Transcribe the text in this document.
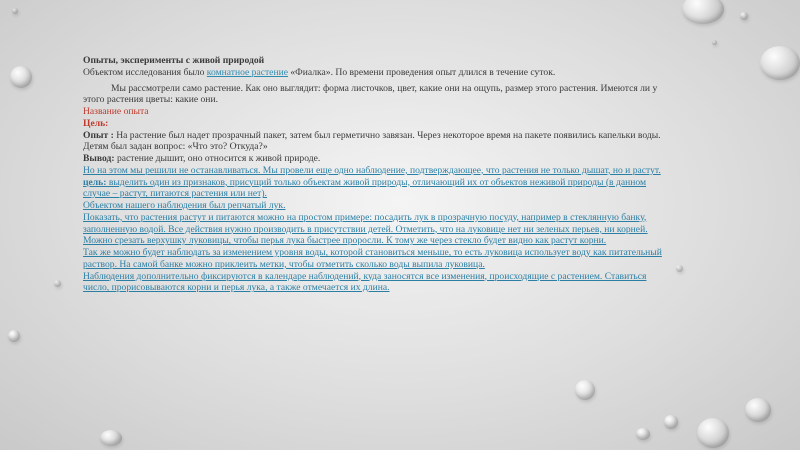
Опыты, эксперименты с живой природой

Объектом исследования было комнатное растение «Фиалка». По времени проведения опыт длился в течение суток.

Мы рассмотрели само растение. Как оно выглядит: форма листочков, цвет, какие они на ощупь, размер этого растения. Имеются ли у этого растения цветы: какие они.

Название опыта

Цель:

Опыт : На растение был надет прозрачный пакет, затем был герметично завязан. Через некоторое время на пакете появились капельки воды. Детям был задан вопрос: «Что это? Откуда?»

Вывод: растение дышит, оно относится к живой природе.

Но на этом мы решили не останавливаться. Мы провели еще одно наблюдение, подтверждающее, что растения не только дышат, но и растут.

цель: выделить один из признаков, присущий только объектам живой природы, отличающий их от объектов неживой природы (в данном случае – растут, питаются растения или нет).

Объектом нашего наблюдения был репчатый лук.

Показать, что растения растут и питаются можно на простом примере: посадить лук в прозрачную посуду, например в стеклянную банку, заполненную водой. Все действия нужно производить в присутствии детей. Отметить, что на луковице нет ни зеленых перьев, ни корней. Можно срезать верхушку луковицы, чтобы перья лука быстрее проросли. К тому же через стекло будет видно как растут корни.

Так же можно будет наблюдать за изменением уровня воды, которой становиться меньше, то есть луковица использует воду как питательный раствор. На самой банке можно приклеить метки, чтобы отметить сколько воды выпила луковица.

Наблюдения дополнительно фиксируются в календаре наблюдений, куда заносятся все изменения, происходящие с растением. Ставиться число, прорисовываются корни и перья лука, а также отмечается их длина.
